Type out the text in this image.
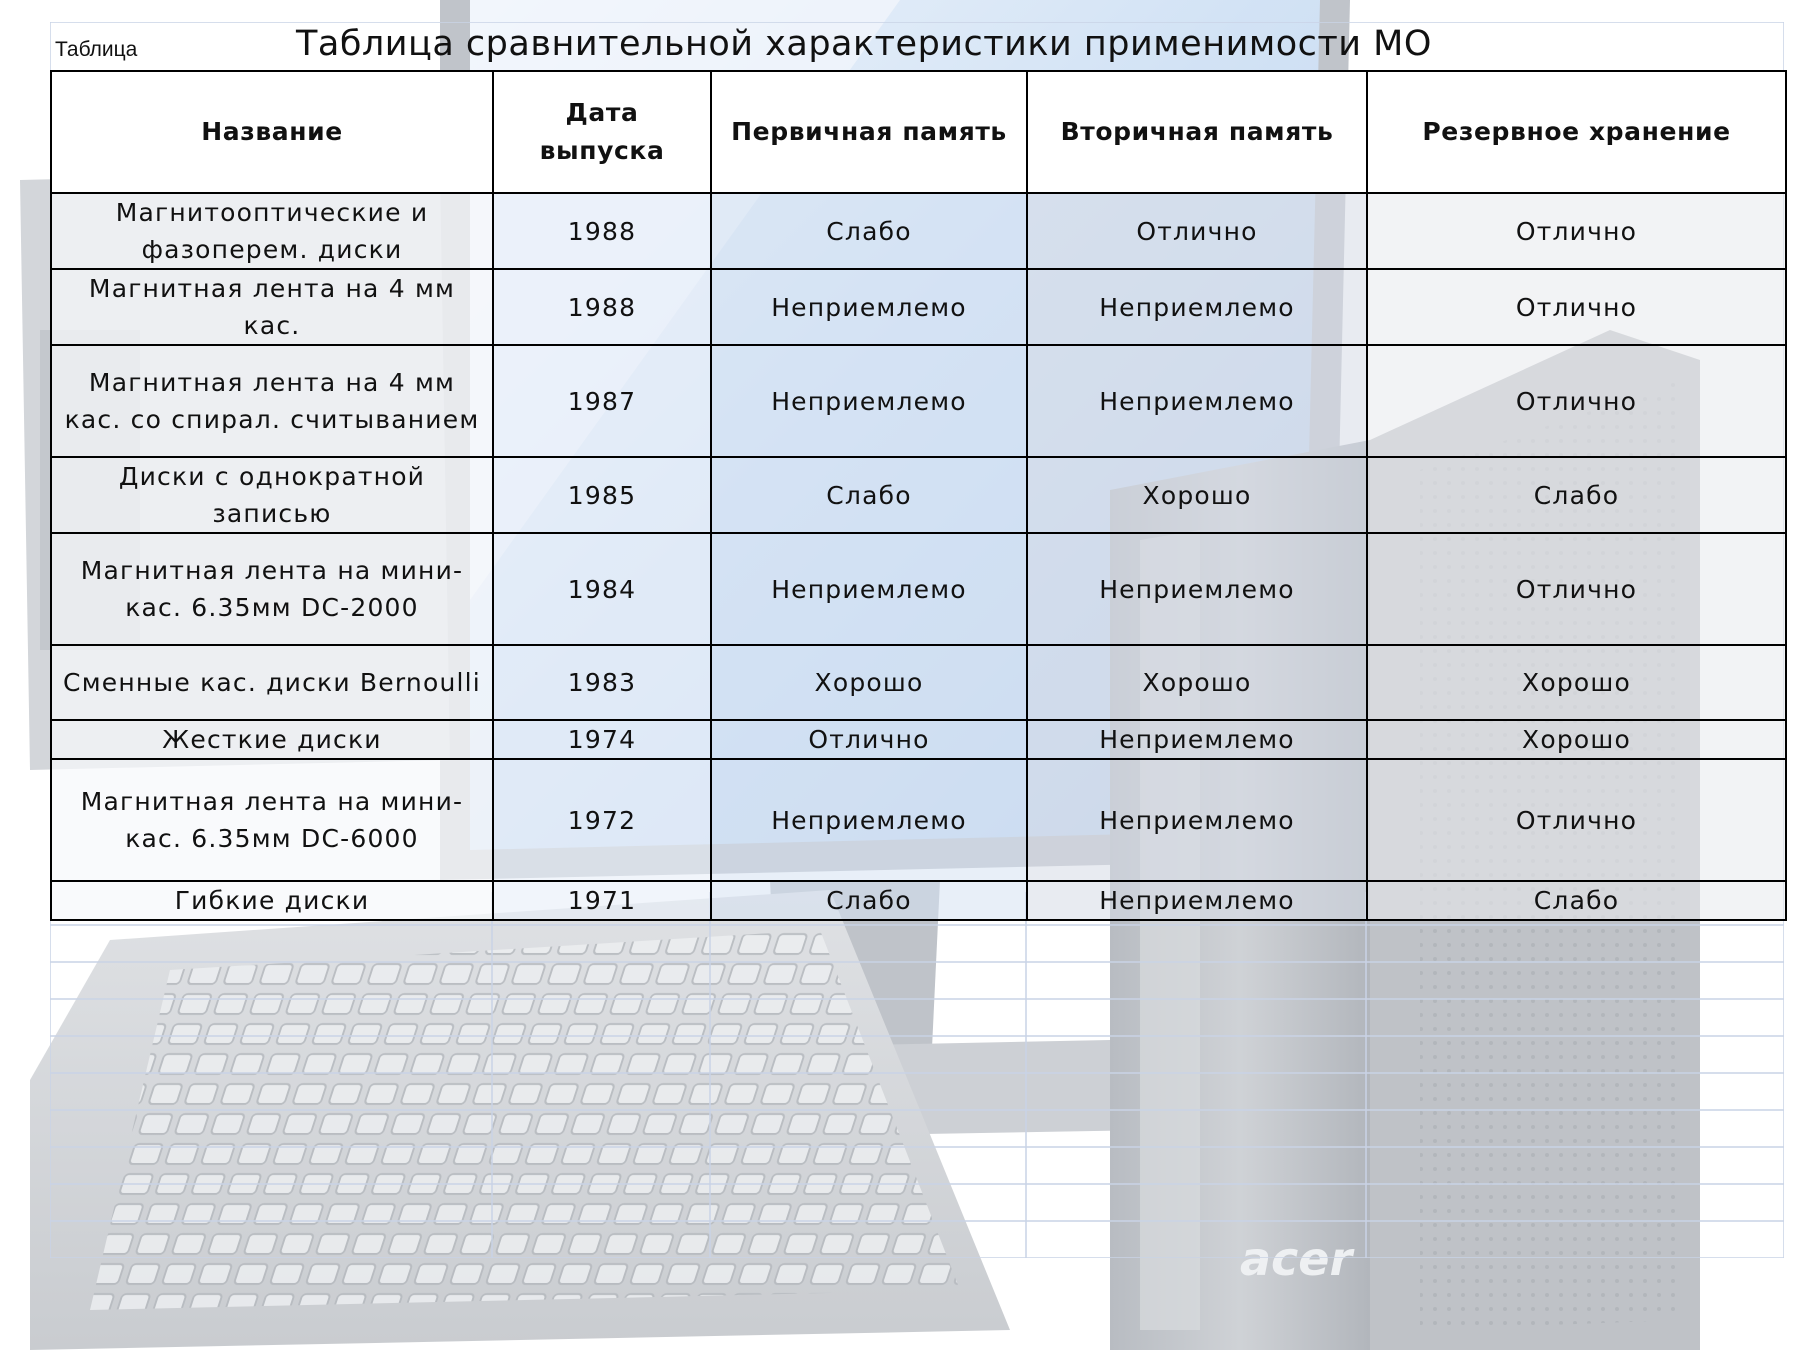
acer
Таблица	Таблица сравнительной характеристики применимости МО
Название	Дата выпуска	Первичная память	Вторичная память	Резервное хранение
Магнитооптические и фазоперем. диски	1988	Слабо	Отлично	Отлично
Магнитная лента на 4 мм кас.	1988	Неприемлемо	Неприемлемо	Отлично
Магнитная лента на 4 мм кас. со спирал. считыванием	1987	Неприемлемо	Неприемлемо	Отлично
Диски с однократной записью	1985	Слабо	Хорошо	Слабо
Магнитная лента на мини-кас. 6.35мм DC-2000	1984	Неприемлемо	Неприемлемо	Отлично
Сменные кас. диски Bernoulli	1983	Хорошо	Хорошо	Хорошо
Жесткие диски	1974	Отлично	Неприемлемо	Хорошо
Магнитная лента на мини-кас. 6.35мм DC-6000	1972	Неприемлемо	Неприемлемо	Отлично
Гибкие диски	1971	Слабо	Неприемлемо	Слабо
